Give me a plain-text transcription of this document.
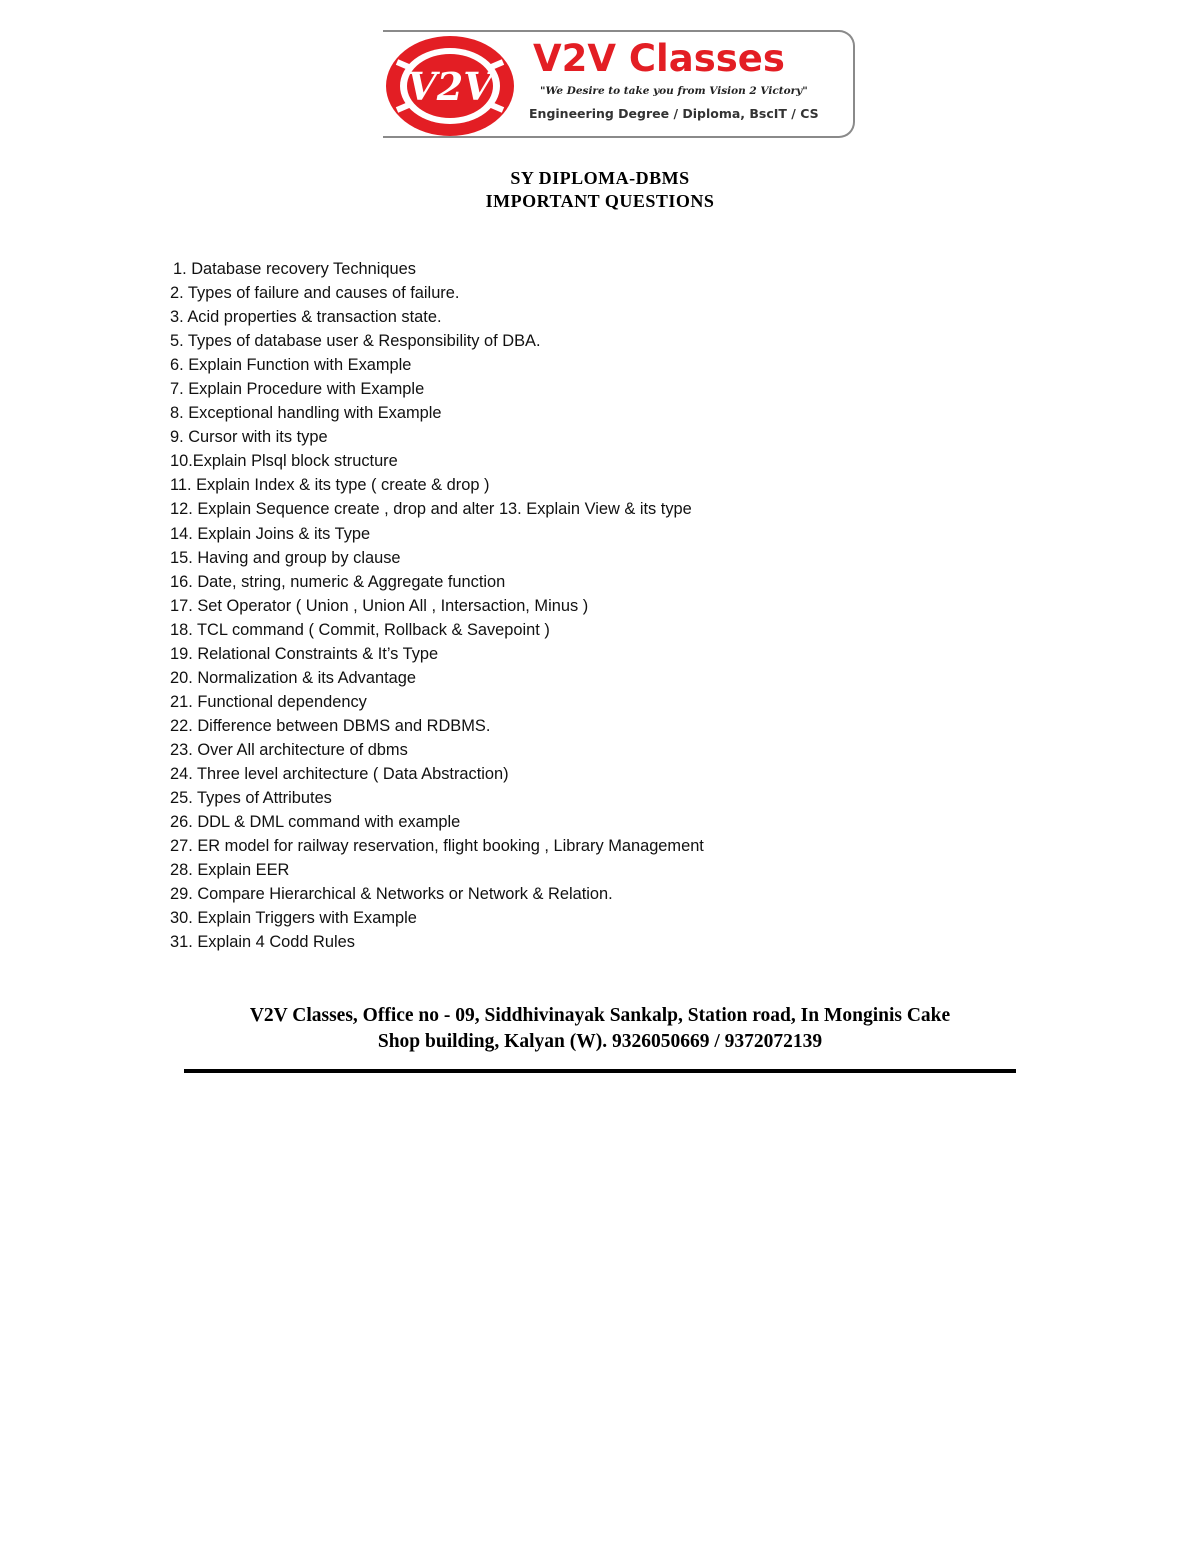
V2V
V2V Classes
"We Desire to take you from Vision 2 Victory"
Engineering Degree / Diploma, BscIT / CS
SY DIPLOMA-DBMS
IMPORTANT QUESTIONS
1. Database recovery Techniques
2. Types of failure and causes of failure.
3. Acid properties & transaction state.
5. Types of database user & Responsibility of DBA.
6. Explain Function with Example
7. Explain Procedure with Example
8. Exceptional handling with Example
9. Cursor with its type
10.Explain Plsql block structure
11. Explain Index & its type ( create & drop )
12. Explain Sequence create , drop and alter 13. Explain View & its type
14. Explain Joins & its Type
15. Having and group by clause
16. Date, string, numeric & Aggregate function
17. Set Operator ( Union , Union All , Intersaction, Minus )
18. TCL command ( Commit, Rollback & Savepoint )
19. Relational Constraints & It’s Type
20. Normalization & its Advantage
21. Functional dependency
22. Difference between DBMS and RDBMS.
23. Over All architecture of dbms
24. Three level architecture ( Data Abstraction)
25. Types of Attributes
26. DDL & DML command with example
27. ER model for railway reservation, flight booking , Library Management
28. Explain EER
29. Compare Hierarchical & Networks or Network & Relation.
30. Explain Triggers with Example
31. Explain 4 Codd Rules
V2V Classes, Office no - 09, Siddhivinayak Sankalp, Station road, In Monginis Cake
Shop building, Kalyan (W). 9326050669 / 9372072139
